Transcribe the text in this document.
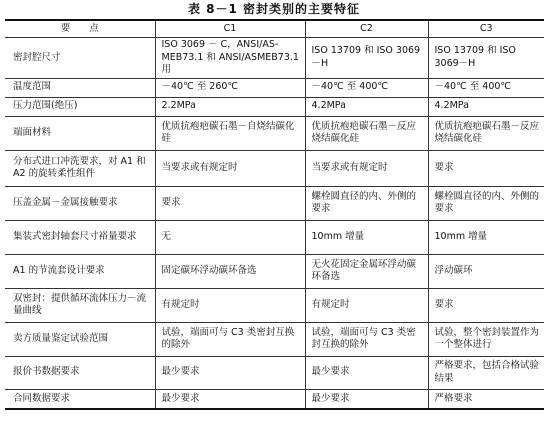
表 8－1 密封类别的主要特征
要　　点	C1	C2	C3
密封腔尺寸	ISO 3069 － C，ANSI/AS-MEB73.1 和 ANSI/ASMEB73.1 用	ISO 13709 和 ISO 3069－H	ISO 13709 和 ISO 3069－H
温度范围	－40℃ 至 260℃	－40℃ 至 400℃	－40℃ 至 400℃
压力范围(绝压)	2.2MPa	4.2MPa	4.2MPa
端面材料	优质抗疱疤碳石墨－自烧结碳化硅	优质抗疱疤碳石墨－反应烧结碳化硅	优质抗疱疤碳石墨－反应烧结碳化硅
分布式进口冲洗要求，对 A1 和 A2 的旋转柔性组件	当要求或有规定时	当要求或有规定时	要求
压盖金属－金属接触要求	要求	螺栓圆直径的内、外侧的要求	螺栓圆直径的内、外侧的要求
集装式密封轴套尺寸裕量要求	无	10mm 增量	10mm 增量
A1 的节流套设计要求	固定碳环浮动碳环备选	无火花固定金属环浮动碳环备选	浮动碳环
双密封：提供循环流体压力－流量曲线	有规定时	有规定时	要求
卖方质量鉴定试验范围	试验，端面可与 C3 类密封互换的除外	试验，端面可与 C3 类密封互换的除外	试验，整个密封装置作为一个整体进行
报价书数据要求	最少要求	最少要求	严格要求，包括合格试验结果
合同数据要求	最少要求	最少要求	严格要求
